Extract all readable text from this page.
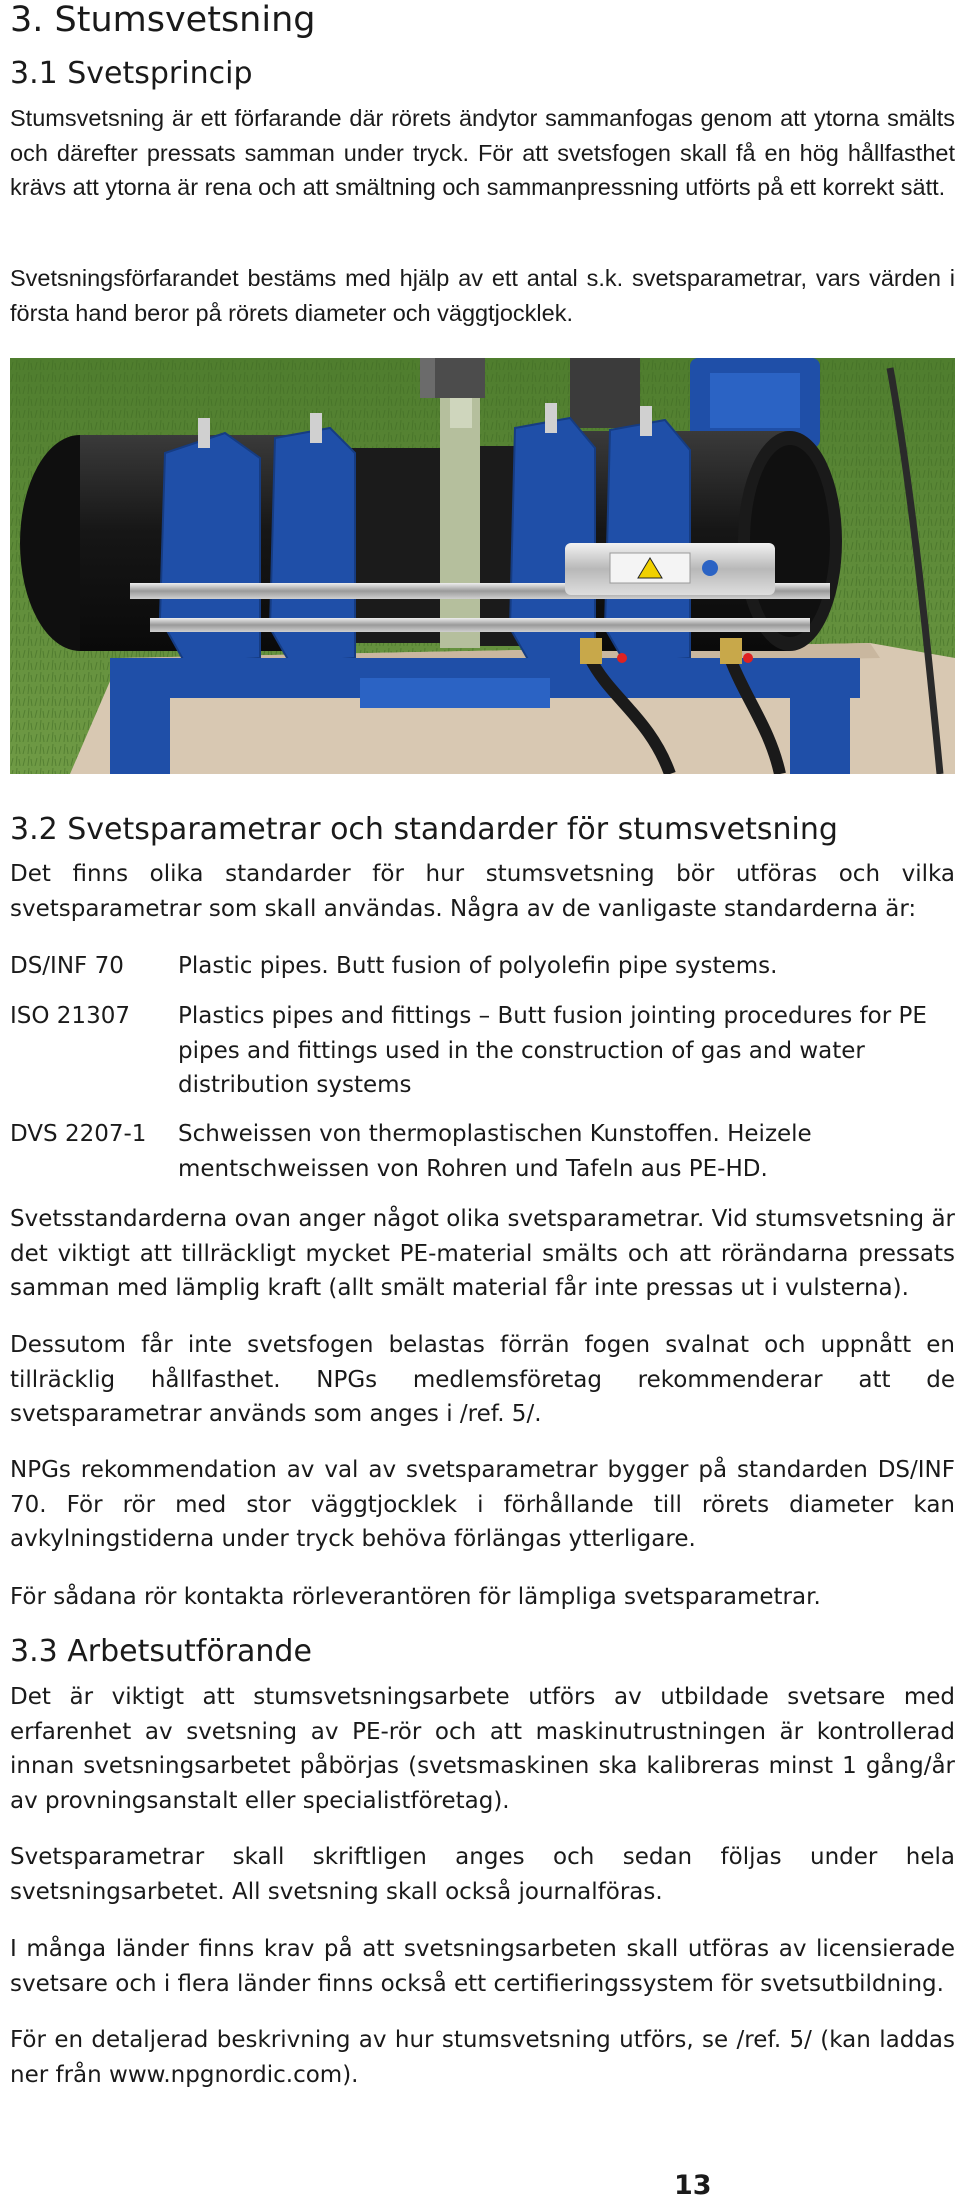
3. Stumsvetsning
3.1 Svetsprincip

Stumsvetsning är ett förfarande där rörets ändytor sammanfogas genom att ytorna smälts och därefter pressats samman under tryck. För att svetsfogen skall få en hög hållfasthet krävs att ytorna är rena och att smältning och sammanpressning utförts på ett korrekt sätt.

Svetsningsförfarandet bestäms med hjälp av ett antal s.k. svetsparametrar, vars värden i första hand beror på rörets diameter och väggtjocklek.

3.2 Svetsparametrar och standarder för stumsvetsning

Det finns olika standarder för hur stumsvetsning bör utföras och vilka svetsparametrar som skall användas. Några av de vanligaste standarderna är:

DS/INF 70 Plastic pipes. Butt fusion of polyolefin pipe systems.
ISO 21307 Plastics pipes and fittings – Butt fusion jointing procedures for PE pipes and fittings used in the construction of gas and water distribution systems
DVS 2207-1 Schweissen von thermoplastischen Kunstoffen. Heizele mentschweissen von Rohren und Tafeln aus PE-HD.

Svetsstandarderna ovan anger något olika svetsparametrar. Vid stumsvetsning är det viktigt att tillräckligt mycket PE-material smälts och att rörändarna pressats samman med lämplig kraft (allt smält material får inte pressas ut i vulsterna).

Dessutom får inte svetsfogen belastas förrän fogen svalnat och uppnått en tillräcklig hållfasthet. NPGs medlemsföretag rekommenderar att de svetsparametrar används som anges i /ref. 5/.

NPGs rekommendation av val av svetsparametrar bygger på standarden DS/INF 70. För rör med stor väggtjocklek i förhållande till rörets diameter kan avkylningstiderna under tryck behöva förlängas ytterligare.

För sådana rör kontakta rörleverantören för lämpliga svetsparametrar.

3.3 Arbetsutförande

Det är viktigt att stumsvetsningsarbete utförs av utbildade svetsare med erfarenhet av svetsning av PE-rör och att maskinutrustningen är kontrollerad innan svetsningsarbetet påbörjas (svetsmaskinen ska kalibreras minst 1 gång/år av provningsanstalt eller specialistföretag).

Svetsparametrar skall skriftligen anges och sedan följas under hela svetsningsarbetet. All svetsning skall också journalföras.

I många länder finns krav på att svetsningsarbeten skall utföras av licensierade svetsare och i flera länder finns också ett certifieringssystem för svetsutbildning.

För en detaljerad beskrivning av hur stumsvetsning utförs, se /ref. 5/ (kan laddas ner från www.npgnordic.com).

13
